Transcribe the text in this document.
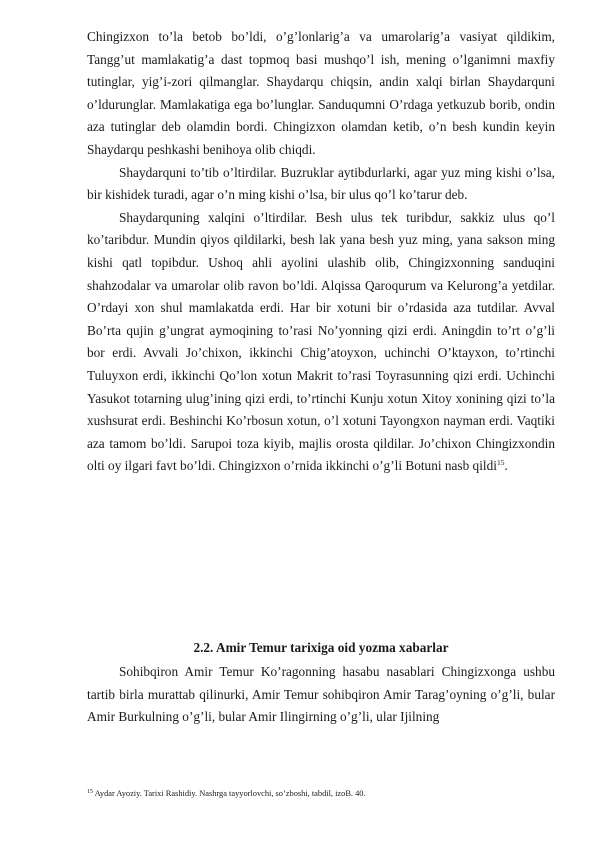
Chingizxon to’la betob bo’ldi, o’g’lonlarig’a va umarolarig’a vasiyat qildikim, Tangg’ut mamlakatig’a dast topmoq basi mushqo’l ish, mening o’lganimni maxfiy tutinglar, yig’i-zori qilmanglar. Shaydarqu chiqsin, andin xalqi birlan Shaydarquni o’ldurunglar. Mamlakatiga ega bo’lunglar. Sanduqumni O’rdaga yetkuzub borib, ondin aza tutinglar deb olamdin bordi. Chingizxon olamdan ketib, o’n besh kundin keyin Shaydarqu peshkashi benihoya olib chiqdi.

Shaydarquni to’tib o’ltirdilar. Buzruklar aytibdurlarki, agar yuz ming kishi o’lsa, bir kishidek turadi, agar o’n ming kishi o’lsa, bir ulus qo’l ko’tarur deb.

Shaydarquning xalqini o’ltirdilar. Besh ulus tek turibdur, sakkiz ulus qo’l ko’taribdur. Mundin qiyos qildilarki, besh lak yana besh yuz ming, yana sakson ming kishi qatl topibdur. Ushoq ahli ayolini ulashib olib, Chingizxonning sanduqini shahzodalar va umarolar olib ravon bo’ldi. Alqissa Qaroqurum va Kelurong’a yetdilar. O’rdayi xon shul mamlakatda erdi. Har bir xotuni bir o’rdasida aza tutdilar. Avval Bo’rta qujin g’ungrat aymoqining to’rasi No’yonning qizi erdi. Aningdin to’rt o’g’li bor erdi. Avvali Jo’chixon, ikkinchi Chig’atoyxon, uchinchi O’ktayxon, to’rtinchi Tuluyxon erdi, ikkinchi Qo’lon xotun Makrit to’rasi Toyrasunning qizi erdi. Uchinchi Yasukot totarning ulug’ining qizi erdi, to’rtinchi Kunju xotun Xitoy xonining qizi to’la xushsurat erdi. Beshinchi Ko’rbosun xotun, o’l xotuni Tayongxon nayman erdi. Vaqtiki aza tamom bo’ldi. Sarupoi toza kiyib, majlis orosta qildilar. Jo’chixon Chingizxondin olti oy ilgari favt bo’ldi. Chingizxon o’rnida ikkinchi o’g’li Botuni nasb qildi$^{15}$.

2.2. Amir Temur tarixiga oid yozma xabarlar

Sohibqiron Amir Temur Ko’ragonning hasabu nasablari Chingizxonga ushbu tartib birla murattab qilinurki, Amir Temur sohibqiron Amir Tarag’oyning o’g’li, bular Amir Burkulning o’g’li, bular Amir Ilingirning o’g’li, ular Ijilning

$^{15}$ Aydar Ayoziy. Tarixi Rashidiy. Nashrga tayyorlovchi, so’zboshi, tabdil, izoB. 40.
